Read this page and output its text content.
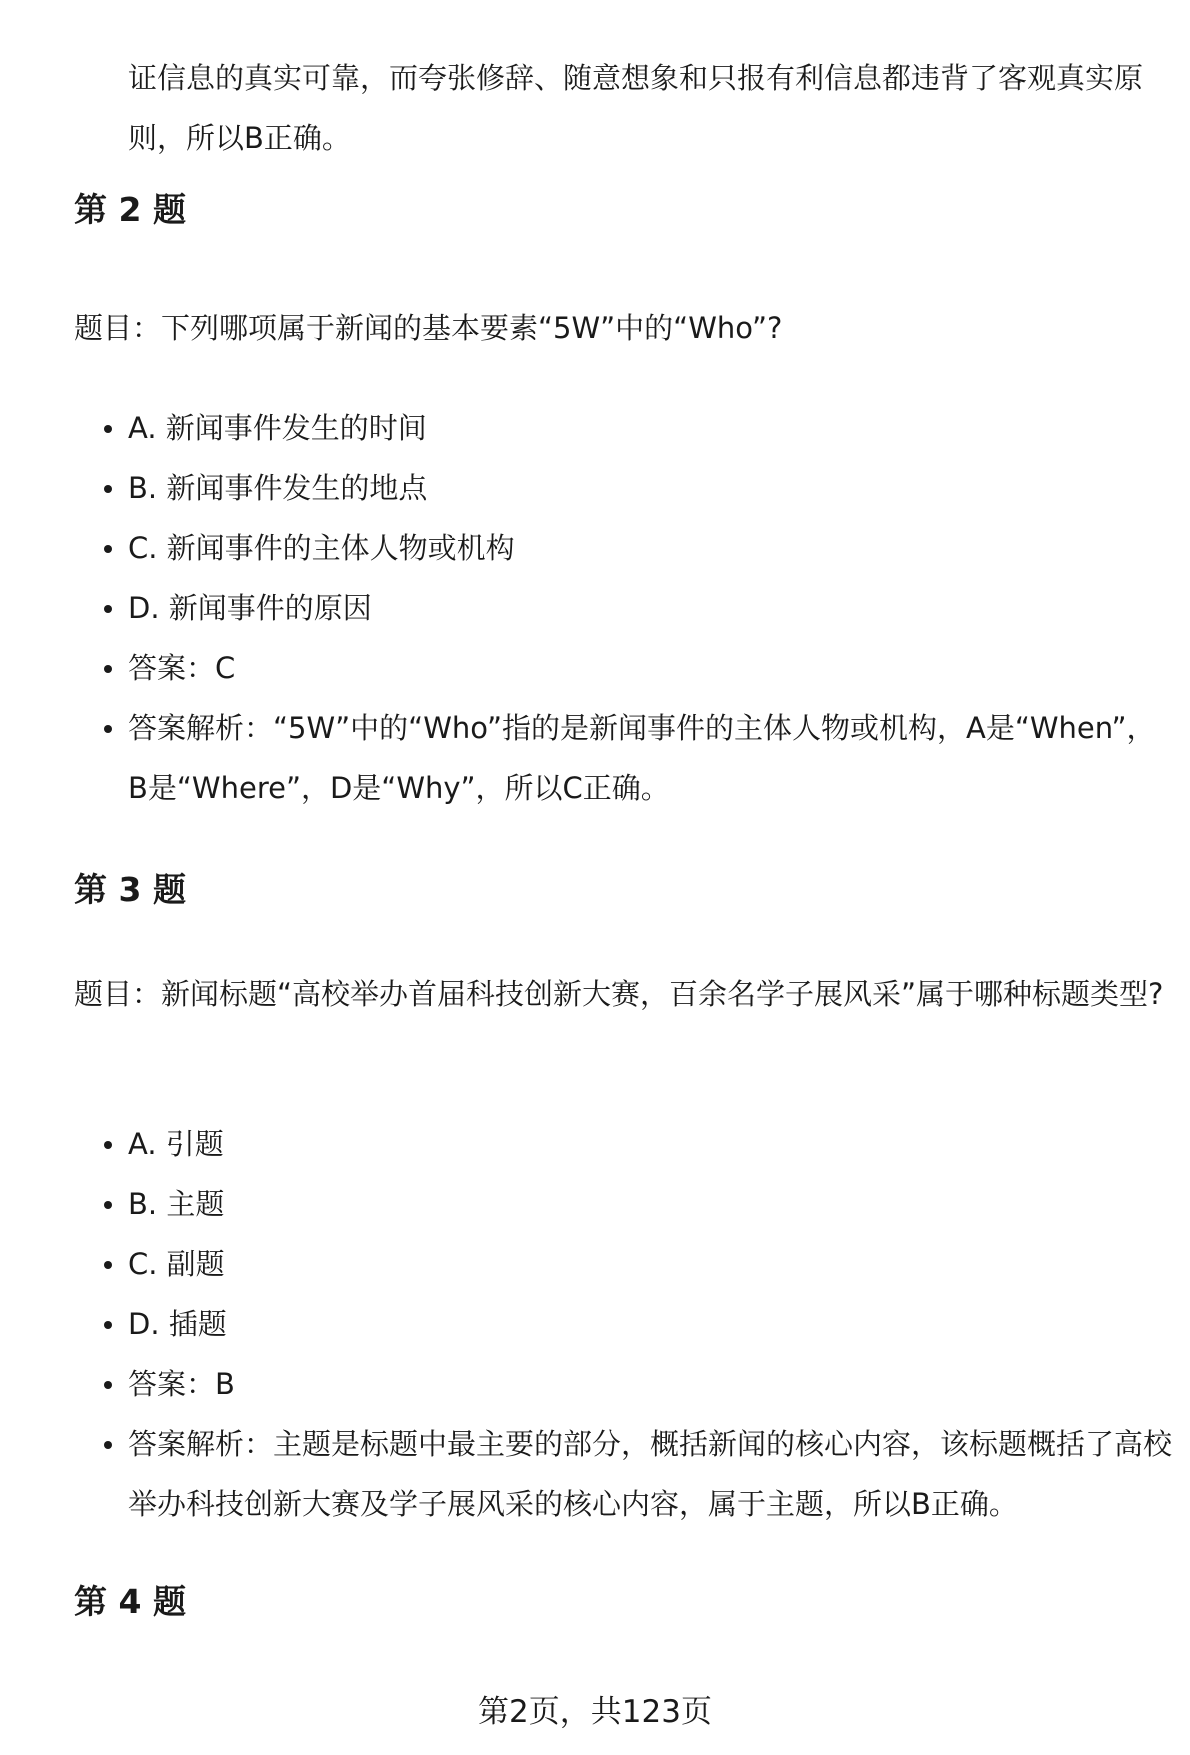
证信息的真实可靠，而夸张修辞、随意想象和只报有利信息都违背了客观真实原则，所以B正确。

第 2 题

题目：下列哪项属于新闻的基本要素“5W”中的“Who”?

A. 新闻事件发生的时间
B. 新闻事件发生的地点
C. 新闻事件的主体人物或机构
D. 新闻事件的原因
答案：C
答案解析：“5W”中的“Who”指的是新闻事件的主体人物或机构，A是“When”，B是“Where”，D是“Why”，所以C正确。
第 3 题

题目：新闻标题“高校举办首届科技创新大赛，百余名学子展风采”属于哪种标题类型?

A. 引题
B. 主题
C. 副题
D. 插题
答案：B
答案解析：主题是标题中最主要的部分，概括新闻的核心内容，该标题概括了高校举办科技创新大赛及学子展风采的核心内容，属于主题，所以B正确。
第 4 题

第2页，共123页
